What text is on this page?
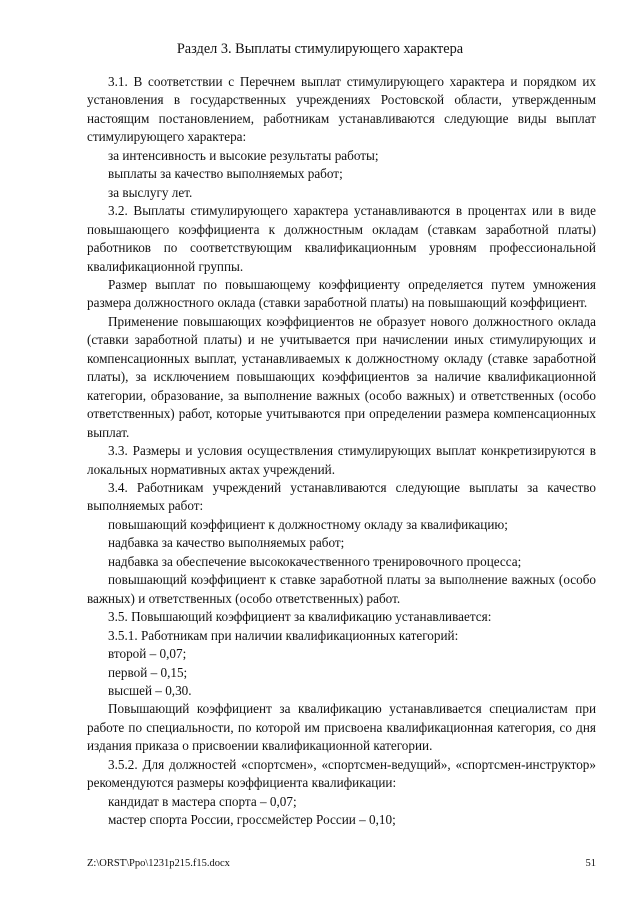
Раздел 3. Выплаты стимулирующего характера

3.1. В соответствии с Перечнем выплат стимулирующего характера и порядком их установления в государственных учреждениях Ростовской области, утвержденным настоящим постановлением, работникам устанавливаются следующие виды выплат стимулирующего характера:

за интенсивность и высокие результаты работы;

выплаты за качество выполняемых работ;

за выслугу лет.

3.2. Выплаты стимулирующего характера устанавливаются в процентах или в виде повышающего коэффициента к должностным окладам (ставкам заработной платы) работников по соответствующим квалификационным уровням профессиональной квалификационной группы.

Размер выплат по повышающему коэффициенту определяется путем умножения размера должностного оклада (ставки заработной платы) на повышающий коэффициент.

Применение повышающих коэффициентов не образует нового должностного оклада (ставки заработной платы) и не учитывается при начислении иных стимулирующих и компенсационных выплат, устанавливаемых к должностному окладу (ставке заработной платы), за исключением повышающих коэффициентов за наличие квалификационной категории, образование, за выполнение важных (особо важных) и ответственных (особо ответственных) работ, которые учитываются при определении размера компенсационных выплат.

3.3. Размеры и условия осуществления стимулирующих выплат конкретизируются в локальных нормативных актах учреждений.

3.4. Работникам учреждений устанавливаются следующие выплаты за качество выполняемых работ:

повышающий коэффициент к должностному окладу за квалификацию;

надбавка за качество выполняемых работ;

надбавка за обеспечение высококачественного тренировочного процесса;

повышающий коэффициент к ставке заработной платы за выполнение важных (особо важных) и ответственных (особо ответственных) работ.

3.5. Повышающий коэффициент за квалификацию устанавливается:

3.5.1. Работникам при наличии квалификационных категорий:

второй – 0,07;

первой – 0,15;

высшей – 0,30.

Повышающий коэффициент за квалификацию устанавливается специалистам при работе по специальности, по которой им присвоена квалификационная категория, со дня издания приказа о присвоении квалификационной категории.

3.5.2. Для должностей «спортсмен», «спортсмен-ведущий», «спортсмен-инструктор» рекомендуются размеры коэффициента квалификации:

кандидат в мастера спорта – 0,07;

мастер спорта России, гроссмейстер России – 0,10;

Z:\ORST\Ppo\1231p215.f15.docx	51
